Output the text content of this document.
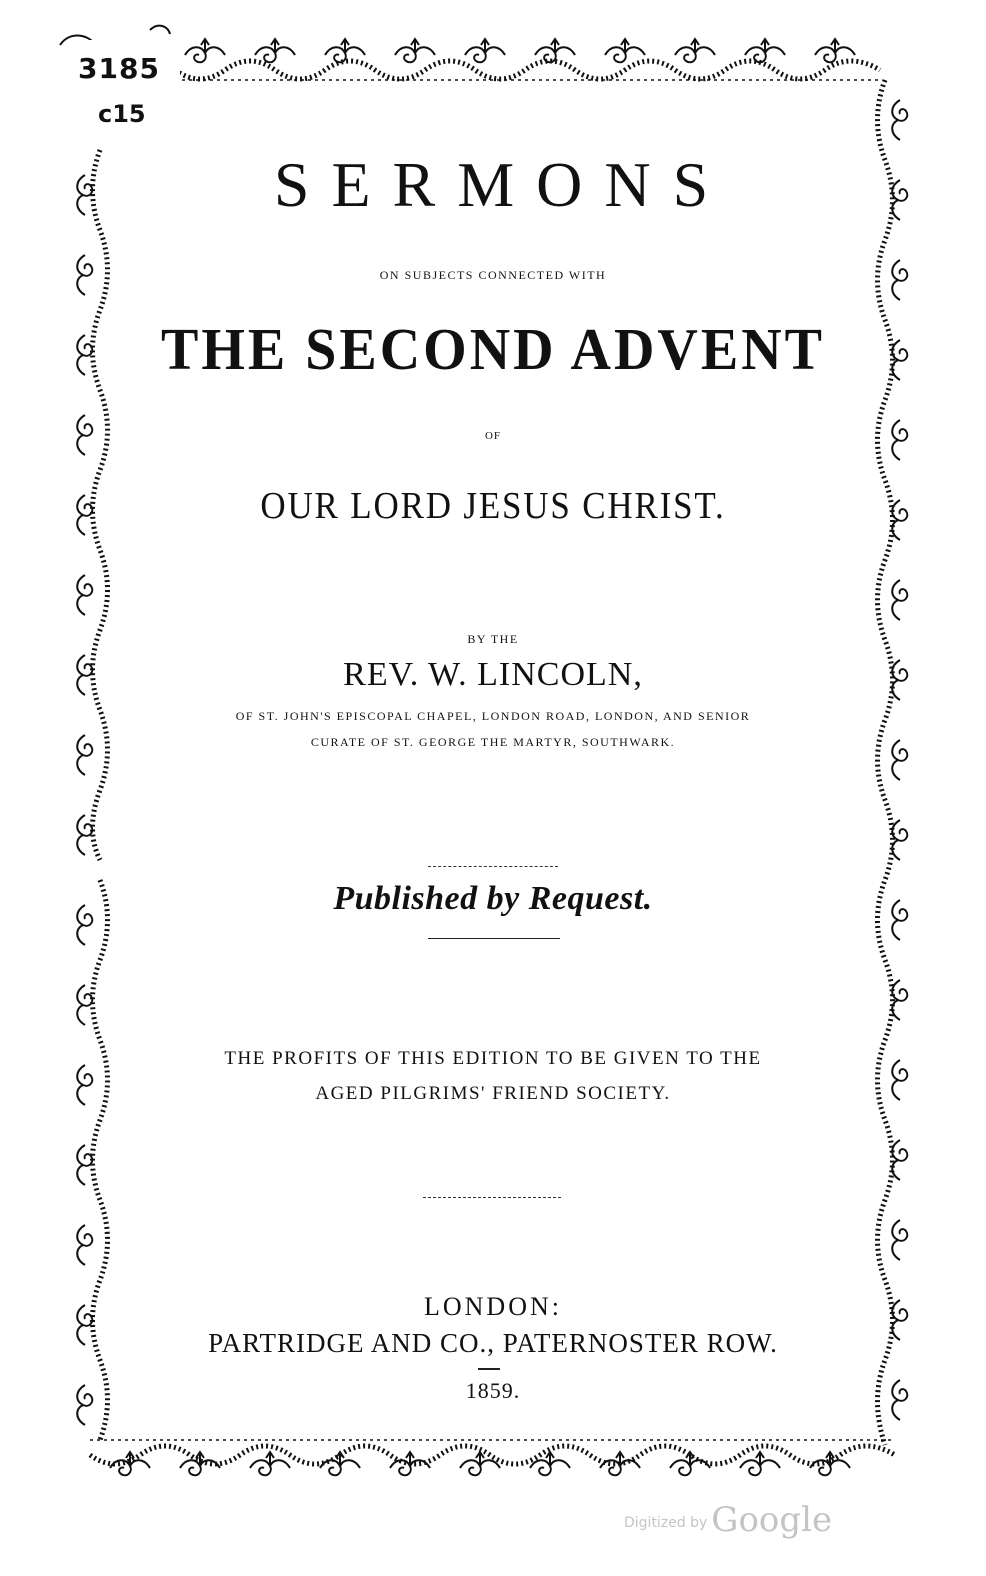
3185
c15
SERMONS
ON SUBJECTS CONNECTED WITH
THE SECOND ADVENT
OF
OUR LORD JESUS CHRIST.
BY THE
REV. W. LINCOLN,
OF ST. JOHN'S EPISCOPAL CHAPEL, LONDON ROAD, LONDON, AND SENIOR
CURATE OF ST. GEORGE THE MARTYR, SOUTHWARK.
Published by Request.
THE PROFITS OF THIS EDITION TO BE GIVEN TO THE
AGED PILGRIMS' FRIEND SOCIETY.
LONDON:
PARTRIDGE AND CO., PATERNOSTER ROW.
1859.
Digitized by Google
